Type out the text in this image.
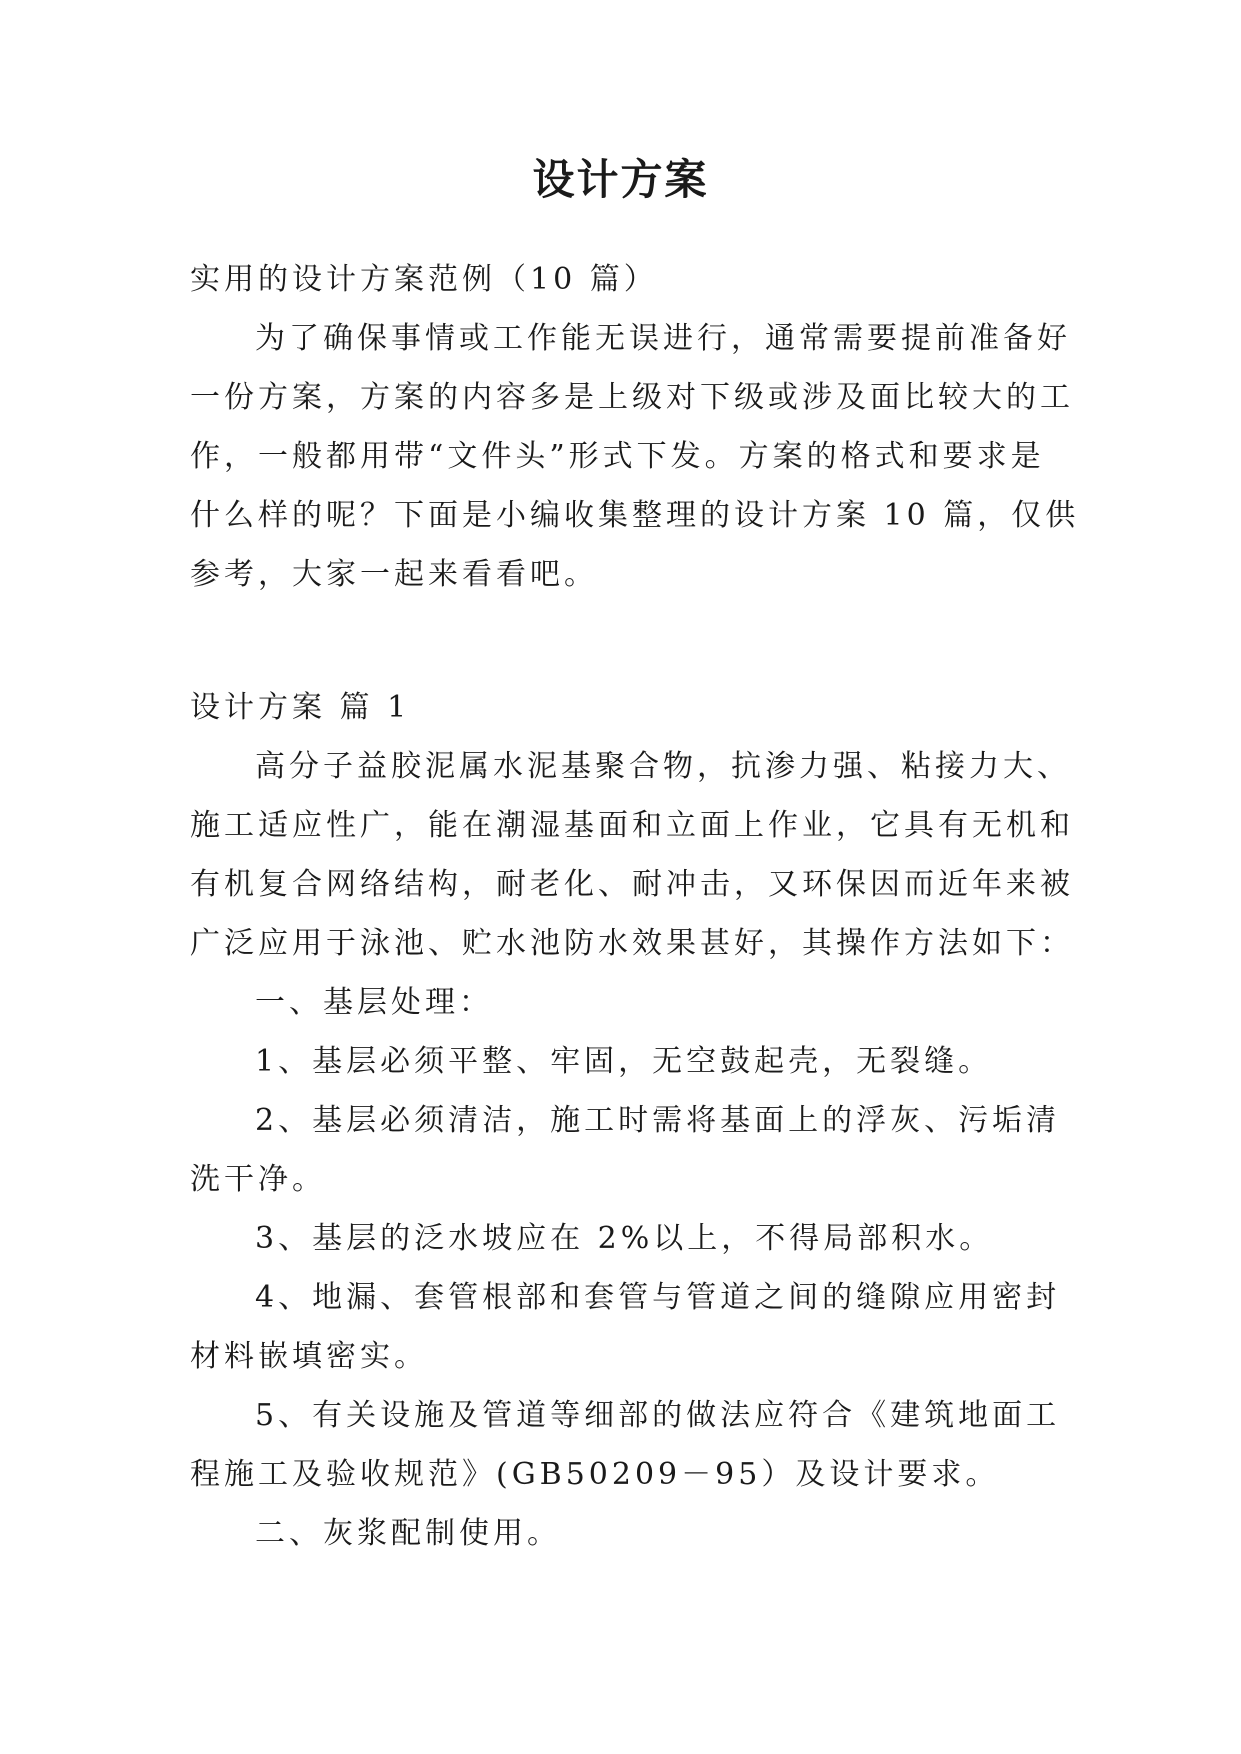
设计方案

实用的设计方案范例（10 篇）

为了确保事情或工作能无误进行，通常需要提前准备好

一份方案，方案的内容多是上级对下级或涉及面比较大的工

作，一般都用带“文件头”形式下发。方案的格式和要求是

什么样的呢？下面是小编收集整理的设计方案 10 篇，仅供

参考，大家一起来看看吧。

设计方案 篇 1

高分子益胶泥属水泥基聚合物，抗渗力强、粘接力大、

施工适应性广，能在潮湿基面和立面上作业，它具有无机和

有机复合网络结构，耐老化、耐冲击，又环保因而近年来被

广泛应用于泳池、贮水池防水效果甚好，其操作方法如下：

一、基层处理：

1、基层必须平整、牢固，无空鼓起壳，无裂缝。

2、基层必须清洁，施工时需将基面上的浮灰、污垢清

洗干净。

3、基层的泛水坡应在 2%以上，不得局部积水。

4、地漏、套管根部和套管与管道之间的缝隙应用密封

材料嵌填密实。

5、有关设施及管道等细部的做法应符合《建筑地面工

程施工及验收规范》(GB50209－95）及设计要求。

二、灰浆配制使用。
